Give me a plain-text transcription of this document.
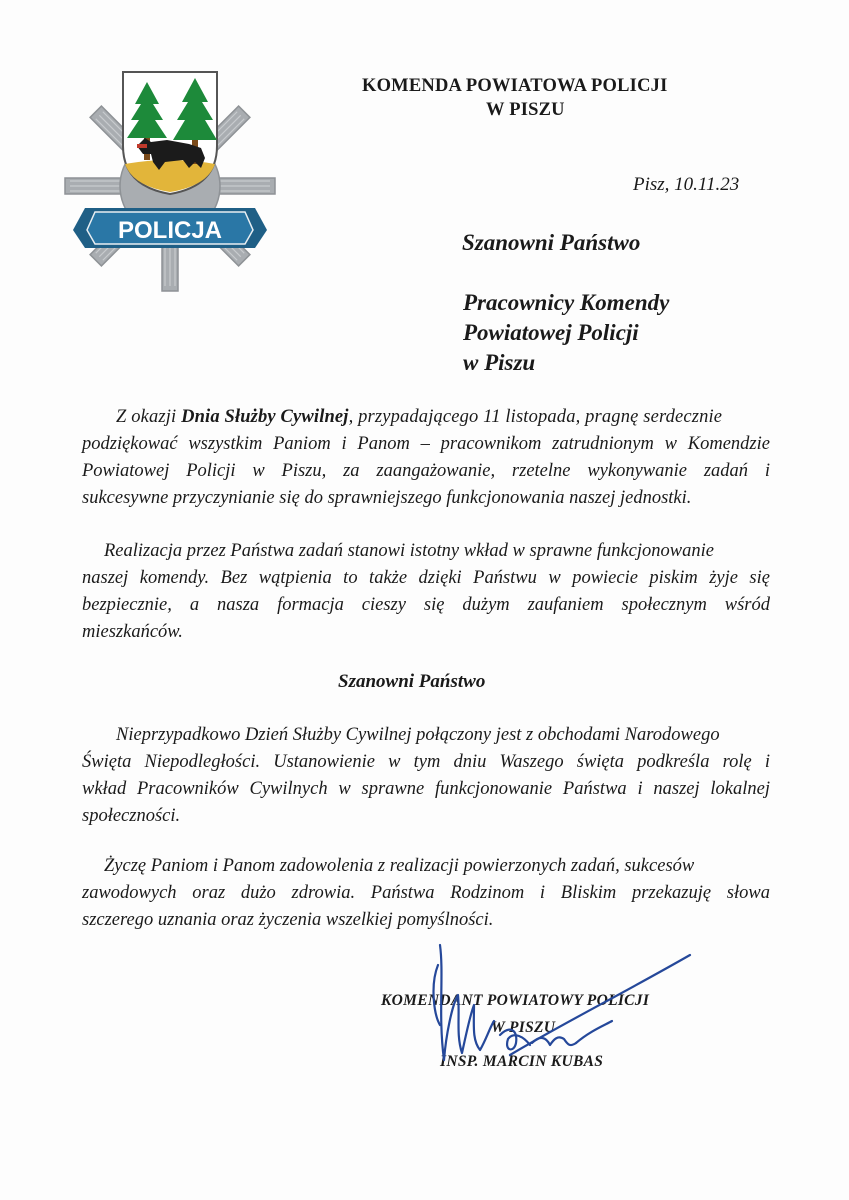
POLICJA
KOMENDA POWIATOWA POLICJI
W PISZU
Pisz, 10.11.23
Szanowni Państwo
Pracownicy Komendy
Powiatowej Policji
w Piszu
Z okazji Dnia Służby Cywilnej, przypadającego 11 listopada, pragnę serdecznie
podziękować wszystkim Paniom i Panom – pracownikom zatrudnionym w Komendzie
Powiatowej Policji w Piszu, za zaangażowanie, rzetelne wykonywanie zadań i
sukcesywne przyczynianie się do sprawniejszego funkcjonowania naszej jednostki.
Realizacja przez Państwa zadań stanowi istotny wkład w sprawne funkcjonowanie
naszej komendy. Bez wątpienia to także dzięki Państwu w powiecie piskim żyje się
bezpiecznie, a nasza formacja cieszy się dużym zaufaniem społecznym wśród
mieszkańców.
Szanowni Państwo
Nieprzypadkowo Dzień Służby Cywilnej połączony jest z obchodami Narodowego
Święta Niepodległości. Ustanowienie w tym dniu Waszego święta podkreśla rolę i
wkład Pracowników Cywilnych w sprawne funkcjonowanie Państwa i naszej lokalnej
społeczności.
Życzę Paniom i Panom zadowolenia z realizacji powierzonych zadań, sukcesów
zawodowych oraz dużo zdrowia. Państwa Rodzinom i Bliskim przekazuję słowa
szczerego uznania oraz życzenia wszelkiej pomyślności.
KOMENDANT POWIATOWY POLICJI
W PISZU
INSP. MARCIN KUBAS
